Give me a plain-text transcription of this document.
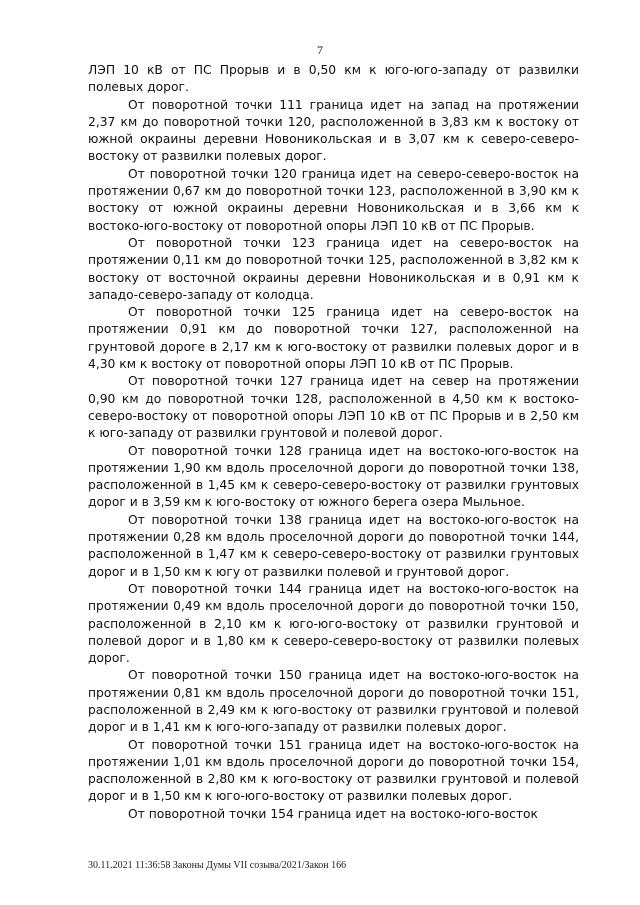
7

ЛЭП 10 кВ от ПС Прорыв и в 0,50 км к юго-юго-западу от развилки полевых дорог.

От поворотной точки 111 граница идет на запад на протяжении 2,37 км до поворотной точки 120, расположенной в 3,83 км к востоку от южной окраины деревни Новоникольская и в 3,07 км к северо-северо-востоку от развилки полевых дорог.

От поворотной точки 120 граница идет на северо-северо-восток на протяжении 0,67 км до поворотной точки 123, расположенной в 3,90 км к востоку от южной окраины деревни Новоникольская и в 3,66 км к востоко-юго-востоку от поворотной опоры ЛЭП 10 кВ от ПС Прорыв.

От поворотной точки 123 граница идет на северо-восток на протяжении 0,11 км до поворотной точки 125, расположенной в 3,82 км к востоку от восточной окраины деревни Новоникольская и в 0,91 км к западо-северо-западу от колодца.

От поворотной точки 125 граница идет на северо-восток на протяжении 0,91 км до поворотной точки 127, расположенной на грунтовой дороге в 2,17 км к юго-востоку от развилки полевых дорог и в 4,30 км к востоку от поворотной опоры ЛЭП 10 кВ от ПС Прорыв.

От поворотной точки 127 граница идет на север на протяжении 0,90 км до поворотной точки 128, расположенной в 4,50 км к востоко-северо-востоку от поворотной опоры ЛЭП 10 кВ от ПС Прорыв и в 2,50 км к юго-западу от развилки грунтовой и полевой дорог.

От поворотной точки 128 граница идет на востоко-юго-восток на протяжении 1,90 км вдоль проселочной дороги до поворотной точки 138, расположенной в 1,45 км к северо-северо-востоку от развилки грунтовых дорог и в 3,59 км к юго-востоку от южного берега озера Мыльное.

От поворотной точки 138 граница идет на востоко-юго-восток на протяжении 0,28 км вдоль проселочной дороги до поворотной точки 144, расположенной в 1,47 км к северо-северо-востоку от развилки грунтовых дорог и в 1,50 км к югу от развилки полевой и грунтовой дорог.

От поворотной точки 144 граница идет на востоко-юго-восток на протяжении 0,49 км вдоль проселочной дороги до поворотной точки 150, расположенной в 2,10 км к юго-юго-востоку от развилки грунтовой и полевой дорог и в 1,80 км к северо-северо-востоку от развилки полевых дорог.

От поворотной точки 150 граница идет на востоко-юго-восток на протяжении 0,81 км вдоль проселочной дороги до поворотной точки 151, расположенной в 2,49 км к юго-востоку от развилки грунтовой и полевой дорог и в 1,41 км к юго-юго-западу от развилки полевых дорог.

От поворотной точки 151 граница идет на востоко-юго-восток на протяжении 1,01 км вдоль проселочной дороги до поворотной точки 154, расположенной в 2,80 км к юго-востоку от развилки грунтовой и полевой дорог и в 1,50 км к юго-юго-востоку от развилки полевых дорог.

От поворотной точки 154 граница идет на востоко-юго-восток

30.11.2021 11:36:58 Законы Думы VII созыва/2021/Закон 166
